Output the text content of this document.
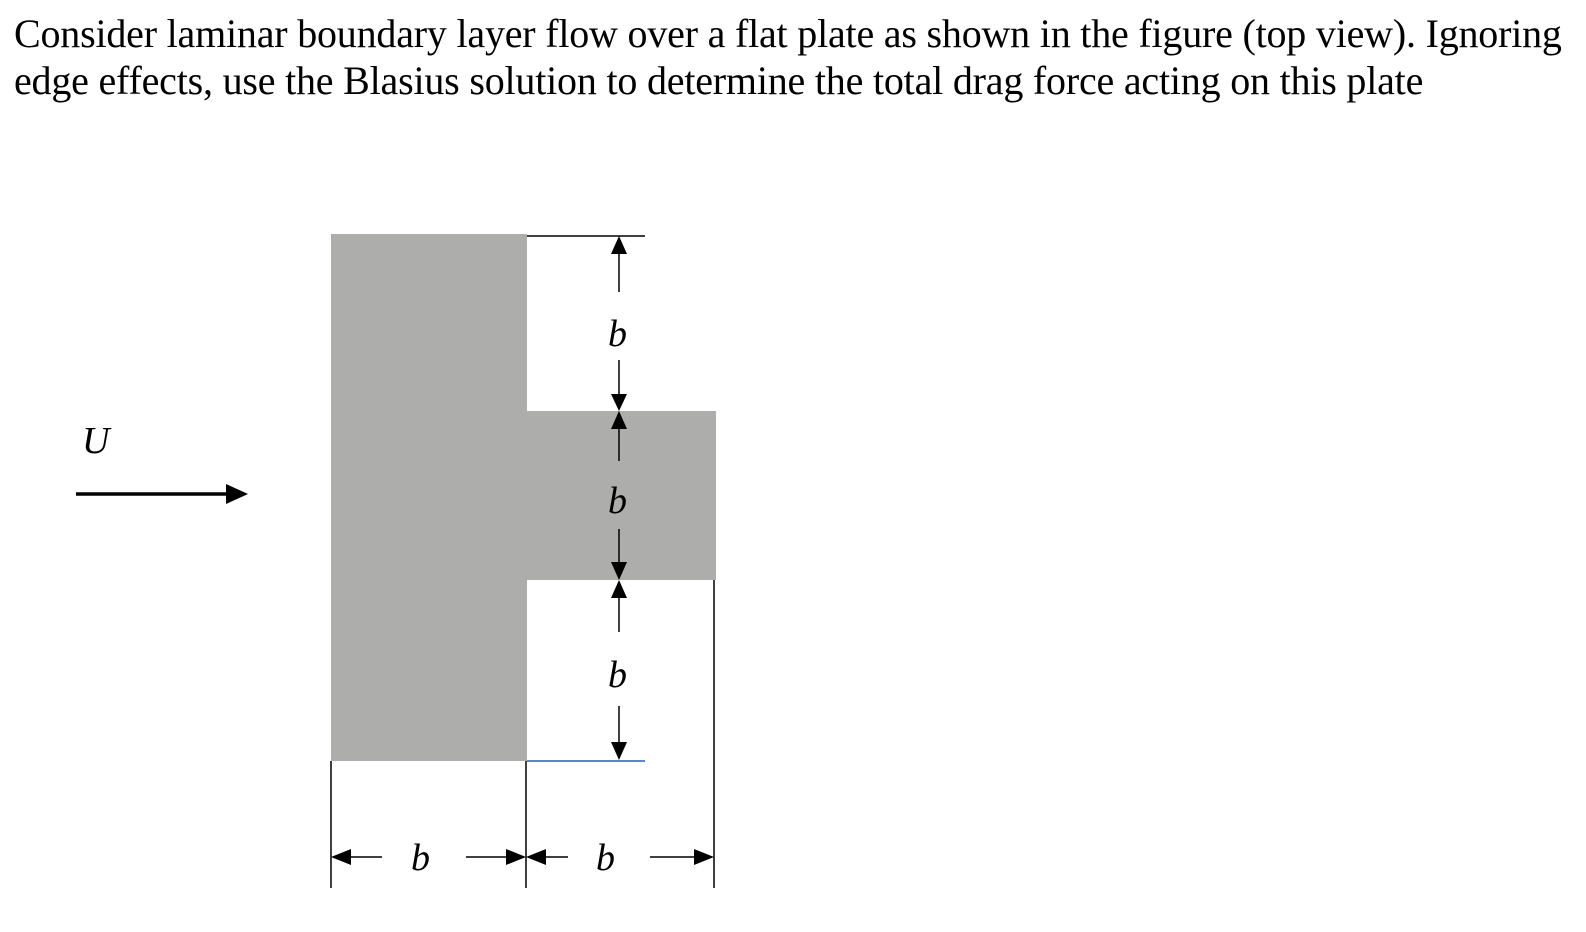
Consider laminar boundary layer flow over a flat plate as shown in the figure (top view). Ignoring edge effects, use the Blasius solution to determine the total drag force acting on this plate

U
b
b
b
b	b
